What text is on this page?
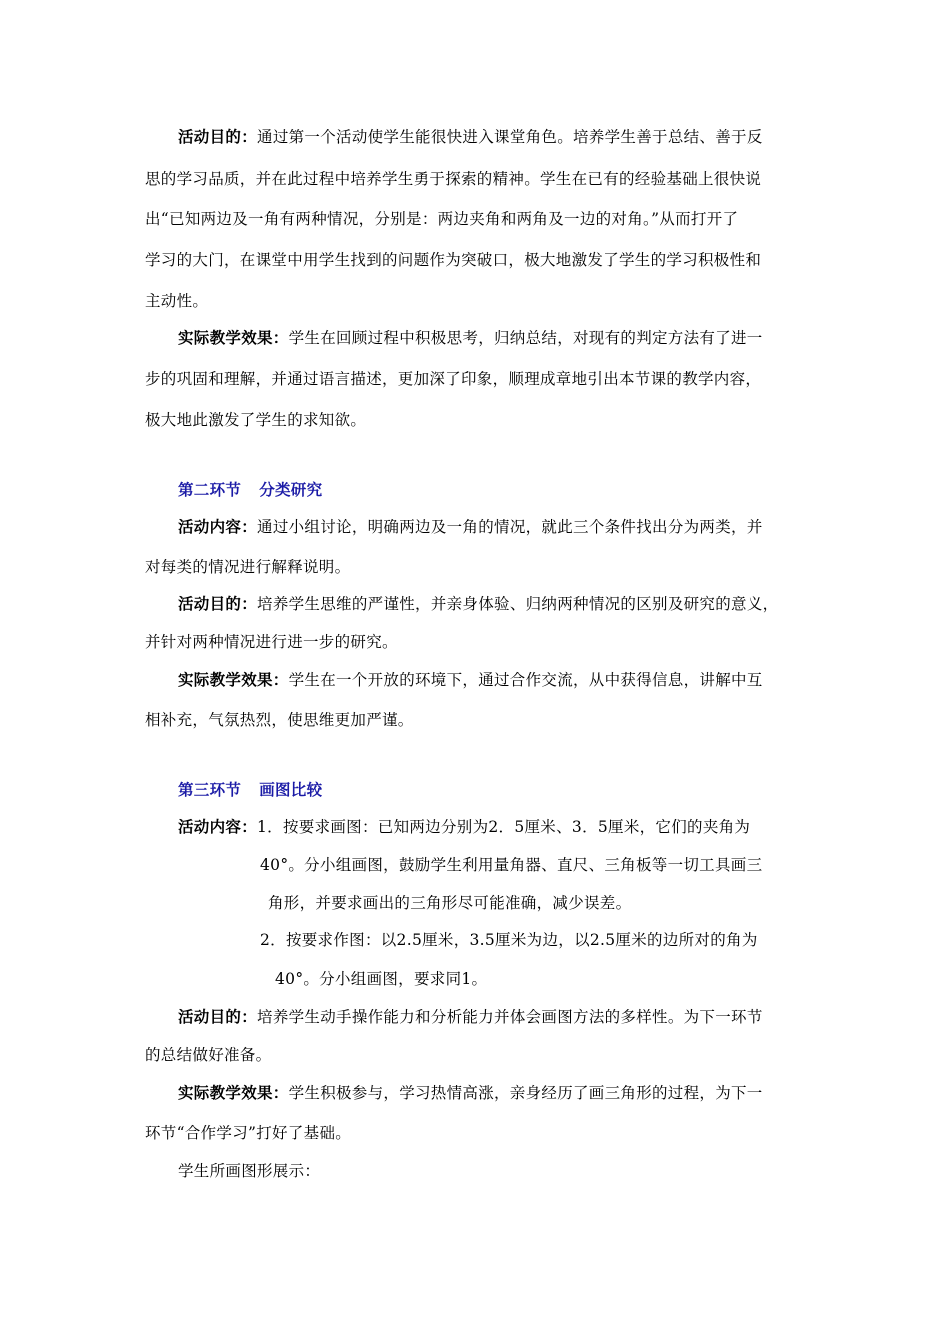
活动目的：通过第一个活动使学生能很快进入课堂角色。培养学生善于总结、善于反
思的学习品质，并在此过程中培养学生勇于探索的精神。学生在已有的经验基础上很快说
出“已知两边及一角有两种情况，分别是：两边夹角和两角及一边的对角。”从而打开了
学习的大门，在课堂中用学生找到的问题作为突破口，极大地激发了学生的学习积极性和
主动性。
实际教学效果：学生在回顾过程中积极思考，归纳总结，对现有的判定方法有了进一
步的巩固和理解，并通过语言描述，更加深了印象，顺理成章地引出本节课的教学内容，
极大地此激发了学生的求知欲。
第二环节 分类研究
活动内容：通过小组讨论，明确两边及一角的情况，就此三个条件找出分为两类，并
对每类的情况进行解释说明。
活动目的：培养学生思维的严谨性，并亲身体验、归纳两种情况的区别及研究的意义，
并针对两种情况进行进一步的研究。
实际教学效果：学生在一个开放的环境下，通过合作交流，从中获得信息，讲解中互
相补充，气氛热烈，使思维更加严谨。
第三环节 画图比较
活动内容：1．按要求画图：已知两边分别为2．5厘米、3．5厘米，它们的夹角为
40°。分小组画图，鼓励学生利用量角器、直尺、三角板等一切工具画三
角形，并要求画出的三角形尽可能准确，减少误差。
2．按要求作图：以2.5厘米，3.5厘米为边，以2.5厘米的边所对的角为
40°。分小组画图，要求同1。
活动目的：培养学生动手操作能力和分析能力并体会画图方法的多样性。为下一环节
的总结做好准备。
实际教学效果：学生积极参与，学习热情高涨，亲身经历了画三角形的过程，为下一
环节“合作学习”打好了基础。
学生所画图形展示：
